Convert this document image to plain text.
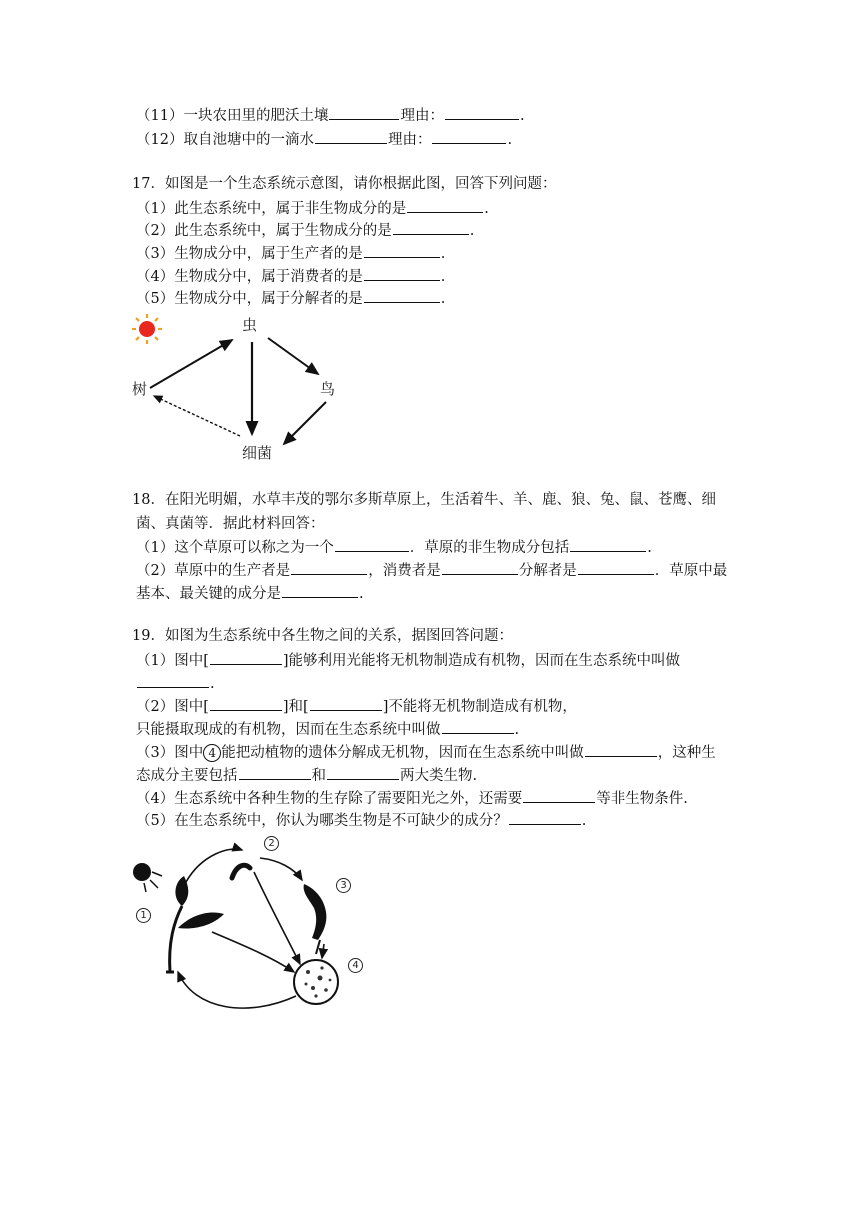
（11）一块农田里的肥沃土壤	理由：	.
（12）取自池塘中的一滴水	理由：	.
17．如图是一个生态系统示意图，请你根据此图，回答下列问题：
（1）此生态系统中，属于非生物成分的是	.
（2）此生态系统中，属于生物成分的是	.
（3）生物成分中，属于生产者的是	.
（4）生物成分中，属于消费者的是	.
（5）生物成分中，属于分解者的是	.
虫
树	鸟
细菌
18．在阳光明媚，水草丰茂的鄂尔多斯草原上，生活着牛、羊、鹿、狼、兔、鼠、苍鹰、细
菌、真菌等．据此材料回答：
（1）这个草原可以称之为一个	．草原的非生物成分包括	.
（2）草原中的生产者是	，消费者是	分解者是	．草原中最
基本、最关键的成分是	.
19．如图为生态系统中各生物之间的关系，据图回答问题：
（1）图中[	]能够利用光能将无机物制造成有机物，因而在生态系统中叫做
.
（2）图中[	]和[	]不能将无机物制造成有机物，
只能摄取现成的有机物，因而在生态系统中叫做	.
（3）图中 4 能把动植物的遗体分解成无机物，因而在生态系统中叫做	，这种生
态成分主要包括	和	两大类生物.
（4）生态系统中各种生物的生存除了需要阳光之外，还需要	等非生物条件.
（5）在生态系统中，你认为哪类生物是不可缺少的成分？	.
1
2
3
4
